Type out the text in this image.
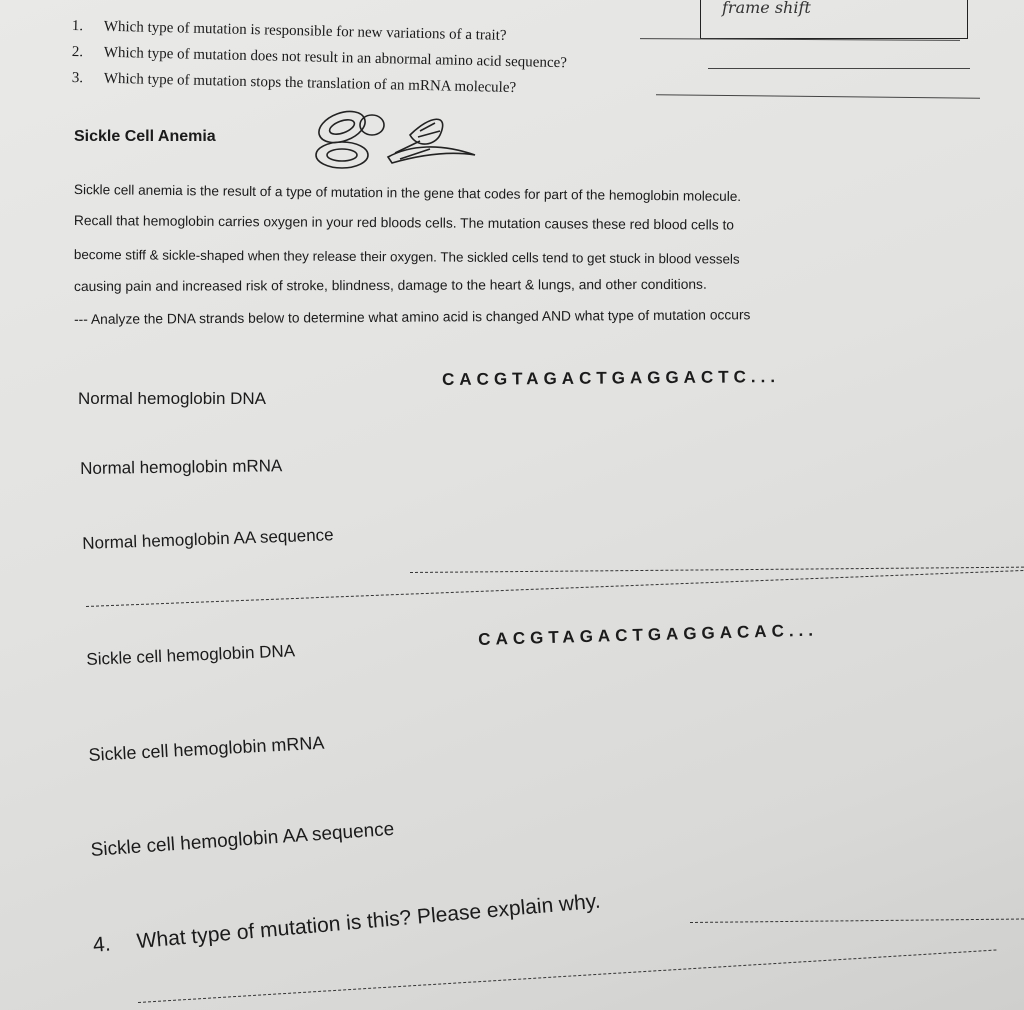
frame shift
1. Which type of mutation is responsible for new variations of a trait?
2. Which type of mutation does not result in an abnormal amino acid sequence?
3. Which type of mutation stops the translation of an mRNA molecule?
Sickle Cell Anemia
Sickle cell anemia is the result of a type of mutation in the gene that codes for part of the hemoglobin molecule.
Recall that hemoglobin carries oxygen in your red bloods cells. The mutation causes these red blood cells to
become stiff & sickle-shaped when they release their oxygen. The sickled cells tend to get stuck in blood vessels
causing pain and increased risk of stroke, blindness, damage to the heart & lungs, and other conditions.
--- Analyze the DNA strands below to determine what amino acid is changed AND what type of mutation occurs
Normal hemoglobin DNA
CACGTAGACTGAGGACTC...
Normal hemoglobin mRNA
Normal hemoglobin AA sequence
Sickle cell hemoglobin DNA
CACGTAGACTGAGGACAC...
Sickle cell hemoglobin mRNA
Sickle cell hemoglobin AA sequence
4. What type of mutation is this? Please explain why.
